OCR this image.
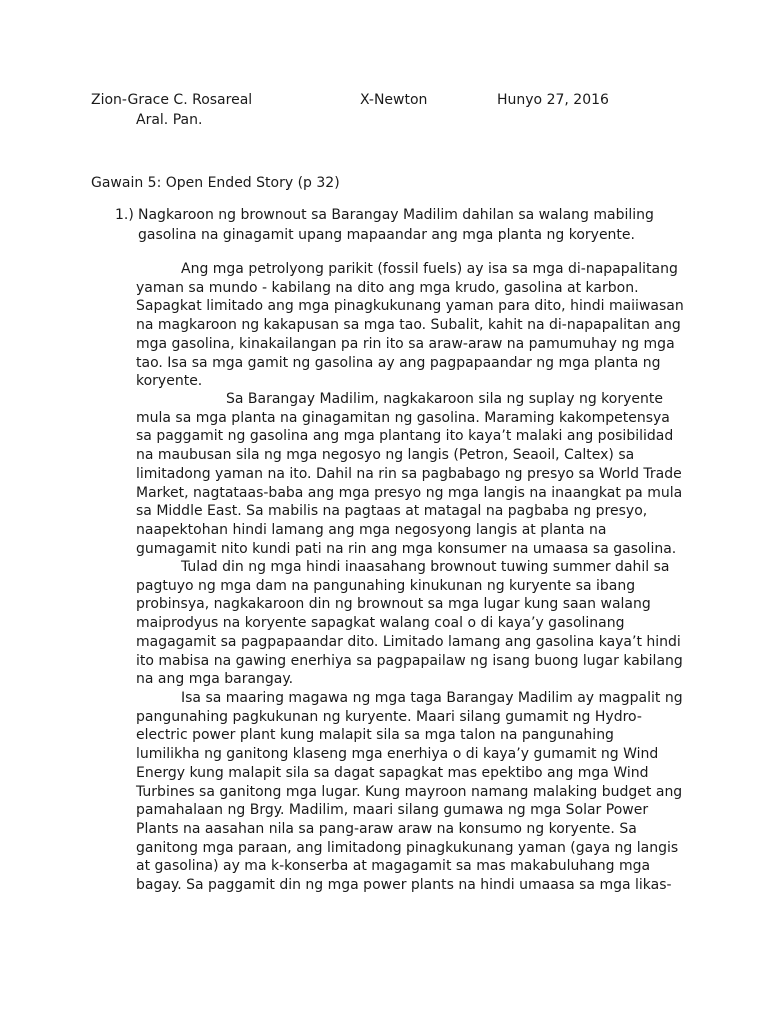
Zion-Grace C. Rosareal	X-Newton	Hunyo 27, 2016
Aral. Pan.
Gawain 5: Open Ended Story (p 32)
1.) Nagkaroon ng brownout sa Barangay Madilim dahilan sa walang mabiling
gasolina na ginagamit upang mapaandar ang mga planta ng koryente.
Ang mga petrolyong parikit (fossil fuels) ay isa sa mga di-napapalitang
yaman sa mundo - kabilang na dito ang mga krudo, gasolina at karbon.
Sapagkat limitado ang mga pinagkukunang yaman para dito, hindi maiiwasan
na magkaroon ng kakapusan sa mga tao. Subalit, kahit na di-napapalitan ang
mga gasolina, kinakailangan pa rin ito sa araw-araw na pamumuhay ng mga
tao. Isa sa mga gamit ng gasolina ay ang pagpapaandar ng mga planta ng
koryente.
Sa Barangay Madilim, nagkakaroon sila ng suplay ng koryente
mula sa mga planta na ginagamitan ng gasolina. Maraming kakompetensya
sa paggamit ng gasolina ang mga plantang ito kaya’t malaki ang posibilidad
na maubusan sila ng mga negosyo ng langis (Petron, Seaoil, Caltex) sa
limitadong yaman na ito. Dahil na rin sa pagbabago ng presyo sa World Trade
Market, nagtataas-baba ang mga presyo ng mga langis na inaangkat pa mula
sa Middle East. Sa mabilis na pagtaas at matagal na pagbaba ng presyo,
naapektohan hindi lamang ang mga negosyong langis at planta na
gumagamit nito kundi pati na rin ang mga konsumer na umaasa sa gasolina.
Tulad din ng mga hindi inaasahang brownout tuwing summer dahil sa
pagtuyo ng mga dam na pangunahing kinukunan ng kuryente sa ibang
probinsya, nagkakaroon din ng brownout sa mga lugar kung saan walang
maiprodyus na koryente sapagkat walang coal o di kaya’y gasolinang
magagamit sa pagpapaandar dito. Limitado lamang ang gasolina kaya’t hindi
ito mabisa na gawing enerhiya sa pagpapailaw ng isang buong lugar kabilang
na ang mga barangay.
Isa sa maaring magawa ng mga taga Barangay Madilim ay magpalit ng
pangunahing pagkukunan ng kuryente. Maari silang gumamit ng Hydro-
electric power plant kung malapit sila sa mga talon na pangunahing
lumilikha ng ganitong klaseng mga enerhiya o di kaya’y gumamit ng Wind
Energy kung malapit sila sa dagat sapagkat mas epektibo ang mga Wind
Turbines sa ganitong mga lugar. Kung mayroon namang malaking budget ang
pamahalaan ng Brgy. Madilim, maari silang gumawa ng mga Solar Power
Plants na aasahan nila sa pang-araw araw na konsumo ng koryente. Sa
ganitong mga paraan, ang limitadong pinagkukunang yaman (gaya ng langis
at gasolina) ay ma k-konserba at magagamit sa mas makabuluhang mga
bagay. Sa paggamit din ng mga power plants na hindi umaasa sa mga likas-
